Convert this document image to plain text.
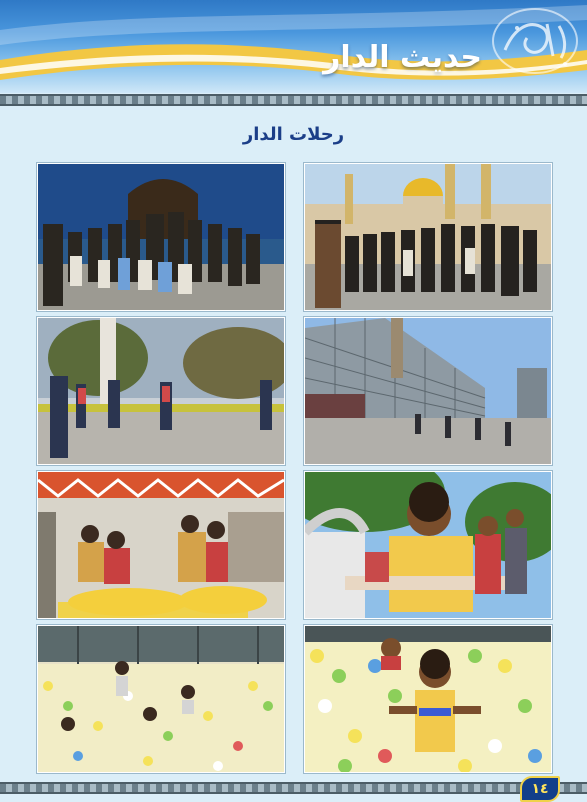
حديث الدار
رحلات الدار
١٤
